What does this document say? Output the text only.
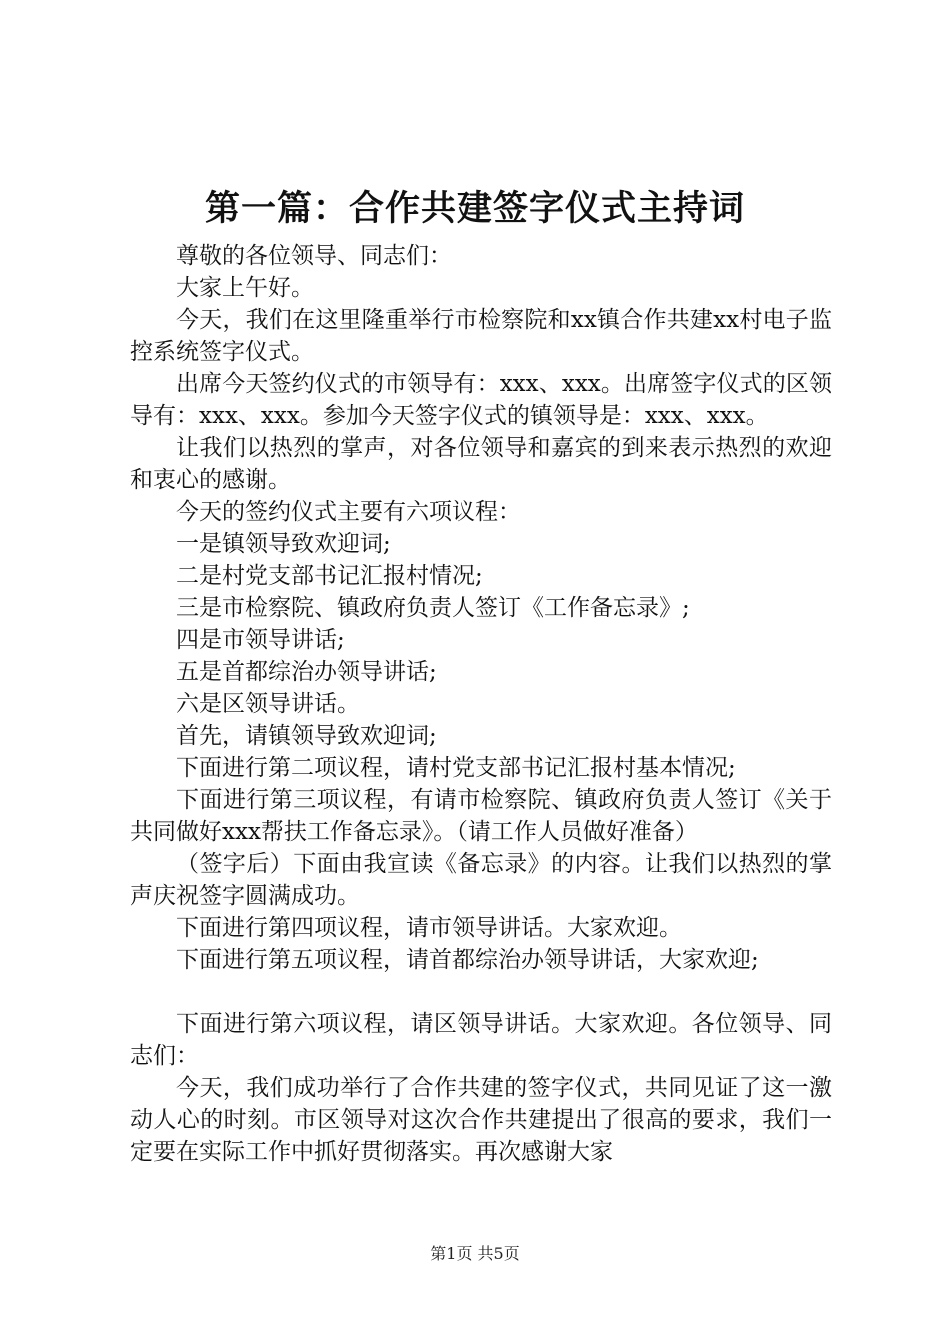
第一篇：合作共建签字仪式主持词

尊敬的各位领导、同志们：

大家上午好。

今天，我们在这里隆重举行市检察院和xx镇合作共建xx村电子监控系统签字仪式。

出席今天签约仪式的市领导有：xxx、xxx。出席签字仪式的区领导有：xxx、xxx。参加今天签字仪式的镇领导是：xxx、xxx。

让我们以热烈的掌声，对各位领导和嘉宾的到来表示热烈的欢迎和衷心的感谢。

今天的签约仪式主要有六项议程：

一是镇领导致欢迎词;

二是村党支部书记汇报村情况;

三是市检察院、镇政府负责人签订《工作备忘录》;

四是市领导讲话;

五是首都综治办领导讲话;

六是区领导讲话。

首先，请镇领导致欢迎词;

下面进行第二项议程，请村党支部书记汇报村基本情况;

下面进行第三项议程，有请市检察院、镇政府负责人签订《关于共同做好xxx帮扶工作备忘录》。（请工作人员做好准备）

（签字后）下面由我宣读《备忘录》的内容。让我们以热烈的掌声庆祝签字圆满成功。

下面进行第四项议程，请市领导讲话。大家欢迎。

下面进行第五项议程，请首都综治办领导讲话，大家欢迎;

下面进行第六项议程，请区领导讲话。大家欢迎。各位领导、同志们：

今天，我们成功举行了合作共建的签字仪式，共同见证了这一激动人心的时刻。市区领导对这次合作共建提出了很高的要求，我们一定要在实际工作中抓好贯彻落实。再次感谢大家

第1页 共5页
